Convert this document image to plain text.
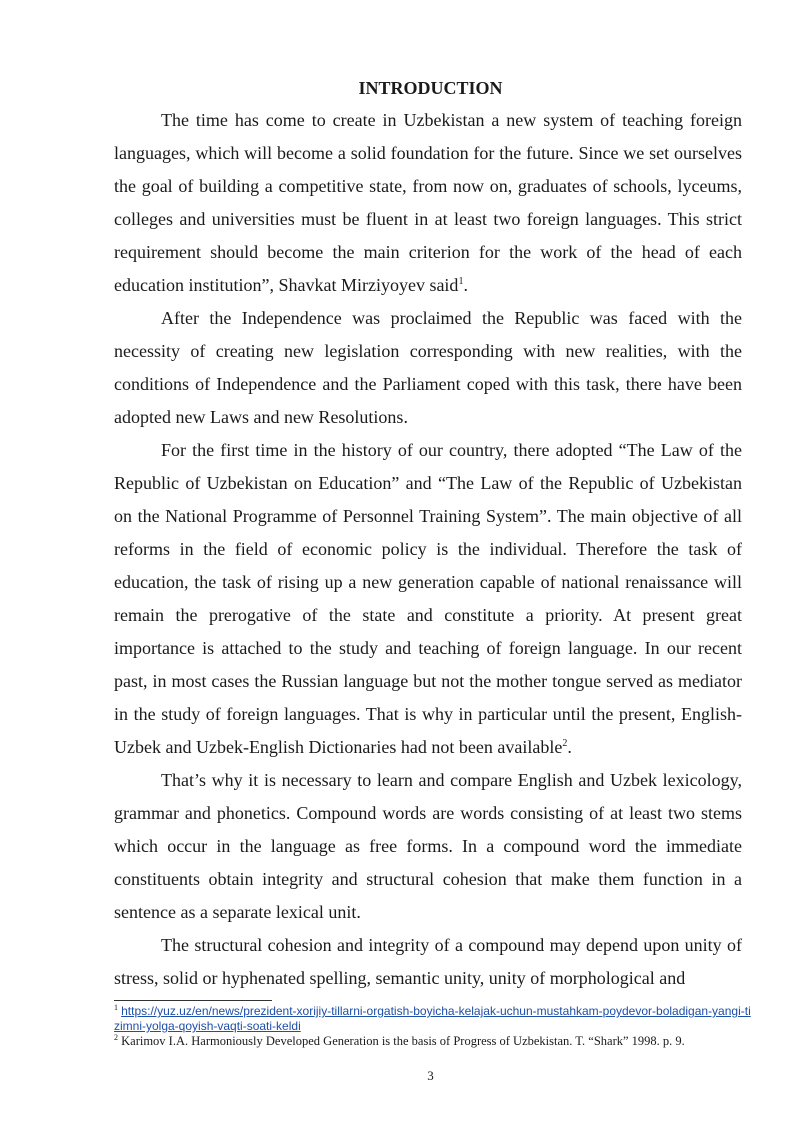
INTRODUCTION

The time has come to create in Uzbekistan a new system of teaching foreign languages, which will become a solid foundation for the future. Since we set ourselves the goal of building a competitive state, from now on, graduates of schools, lyceums, colleges and universities must be fluent in at least two foreign languages. This strict requirement should become the main criterion for the work of the head of each education institution”, Shavkat Mirziyoyev said$^1$.

After the Independence was proclaimed the Republic was faced with the necessity of creating new legislation corresponding with new realities, with the conditions of Independence and the Parliament coped with this task, there have been adopted new Laws and new Resolutions.

For the first time in the history of our country, there adopted “The Law of the Republic of Uzbekistan on Education” and “The Law of the Republic of Uzbekistan on the National Programme of Personnel Training System”. The main objective of all reforms in the field of economic policy is the individual. Therefore the task of education, the task of rising up a new generation capable of national renaissance will remain the prerogative of the state and constitute a priority. At present great importance is attached to the study and teaching of foreign language. In our recent past, in most cases the Russian language but not the mother tongue served as mediator in the study of foreign languages. That is why in particular until the present, English-Uzbek and Uzbek-English Dictionaries had not been available$^2$.

That’s why it is necessary to learn and compare English and Uzbek lexicology, grammar and phonetics. Compound words are words consisting of at least two stems which occur in the language as free forms. In a compound word the immediate constituents obtain integrity and structural cohesion that make them function in a sentence as a separate lexical unit.

The structural cohesion and integrity of a compound may depend upon unity of stress, solid or hyphenated spelling, semantic unity, unity of morphological and

$^1$ https://yuz.uz/en/news/prezident-xorijiy-tillarni-orgatish-boyicha-kelajak-uchun-mustahkam-poydevor-boladigan-yangi-tizimni-yolga-qoyish-vaqti-soati-keldi

$^2$ Karimov I.A. Harmoniously Developed Generation is the basis of Progress of Uzbekistan. T. “Shark” 1998. p. 9.

3
